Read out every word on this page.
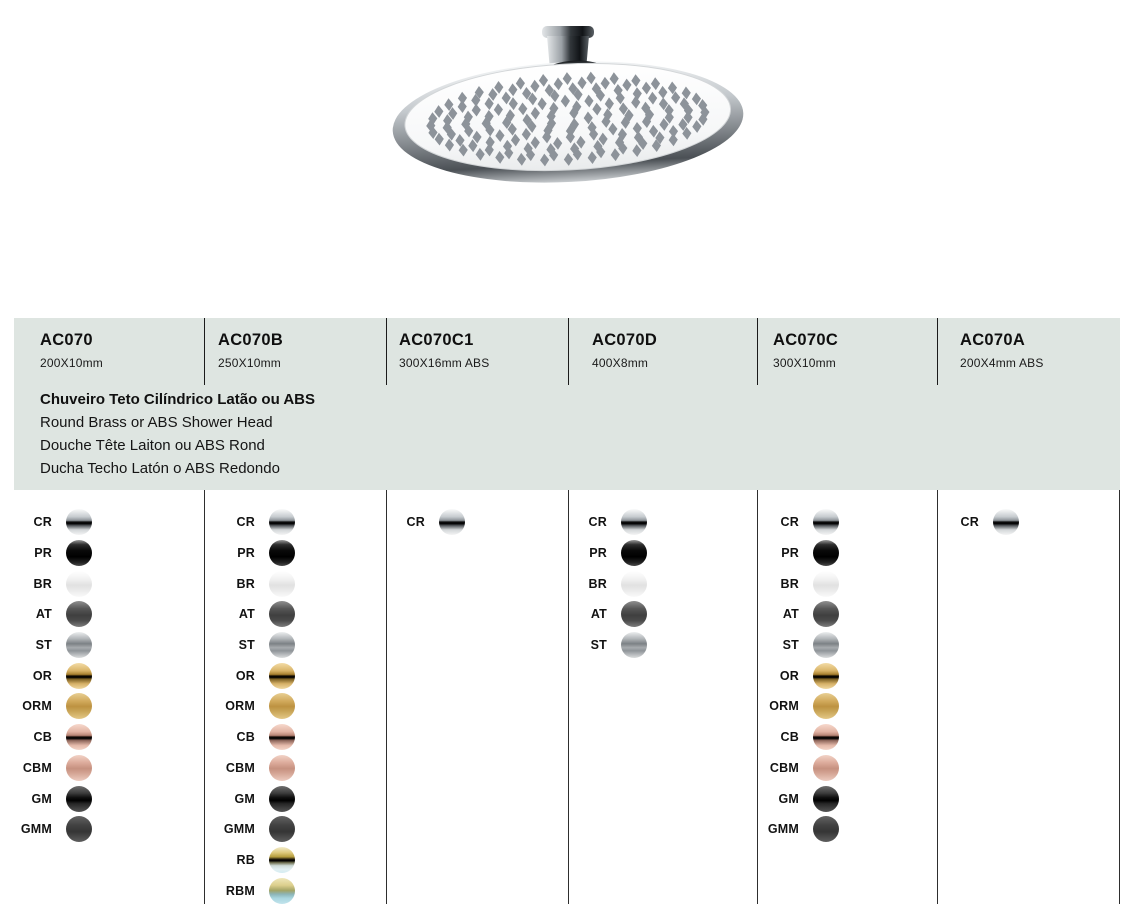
AC070
200X10mm
AC070B
250X10mm
AC070C1
300X16mm ABS
AC070D
400X8mm
AC070C
300X10mm
AC070A
200X4mm ABS
Chuveiro Teto Cilíndrico Latão ou ABS
Round Brass or ABS Shower Head
Douche Tête Laiton ou ABS Rond
Ducha Techo Latón o ABS Redondo
CR
PR
BR
AT
ST
OR
ORM
CB
CBM
GM
GMM
CR
PR
BR
AT
ST
OR
ORM
CB
CBM
GM
GMM
RB
RBM
CR	CR
PR
BR
AT
ST
CR
PR
BR
AT
ST
OR
ORM
CB
CBM
GM
GMM
CR
